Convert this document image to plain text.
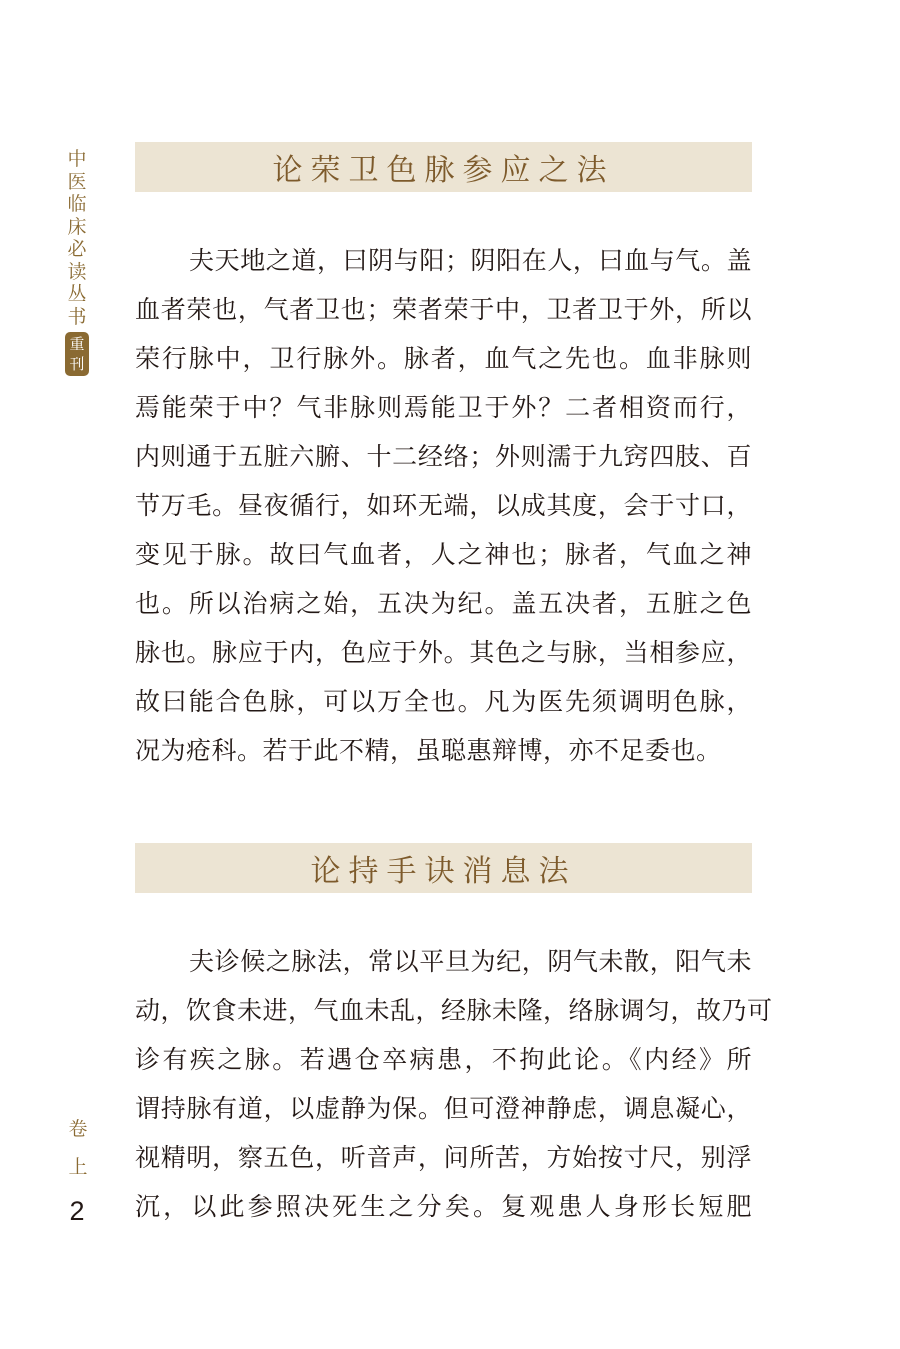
中
医
临
床
必
读
丛
书
重
刊
卷
上
2
论荣卫色脉参应之法
夫天地之道，曰阴与阳；阴阳在人，曰血与气。盖
血者荣也，气者卫也；荣者荣于中，卫者卫于外，所以
荣行脉中，卫行脉外。脉者，血气之先也。血非脉则
焉能荣于中？气非脉则焉能卫于外？二者相资而行，
内则通于五脏六腑、十二经络；外则濡于九窍四肢、百
节万毛。昼夜循行，如环无端，以成其度，会于寸口，
变见于脉。故曰气血者，人之神也；脉者，气血之神
也。所以治病之始，五决为纪。盖五决者，五脏之色
脉也。脉应于内，色应于外。其色之与脉，当相参应，
故曰能合色脉，可以万全也。凡为医先须调明色脉，
况为疮科。若于此不精，虽聪惠辩博，亦不足委也。
论持手诀消息法
夫诊候之脉法，常以平旦为纪，阴气未散，阳气未
动，饮食未进，气血未乱，经脉未隆，络脉调匀，故乃可
诊有疾之脉。若遇仓卒病患，不拘此论。《内经》所
谓持脉有道，以虚静为保。但可澄神静虑，调息凝心，
视精明，察五色，听音声，问所苦，方始按寸尺，别浮
沉，以此参照决死生之分矣。复观患人身形长短肥
